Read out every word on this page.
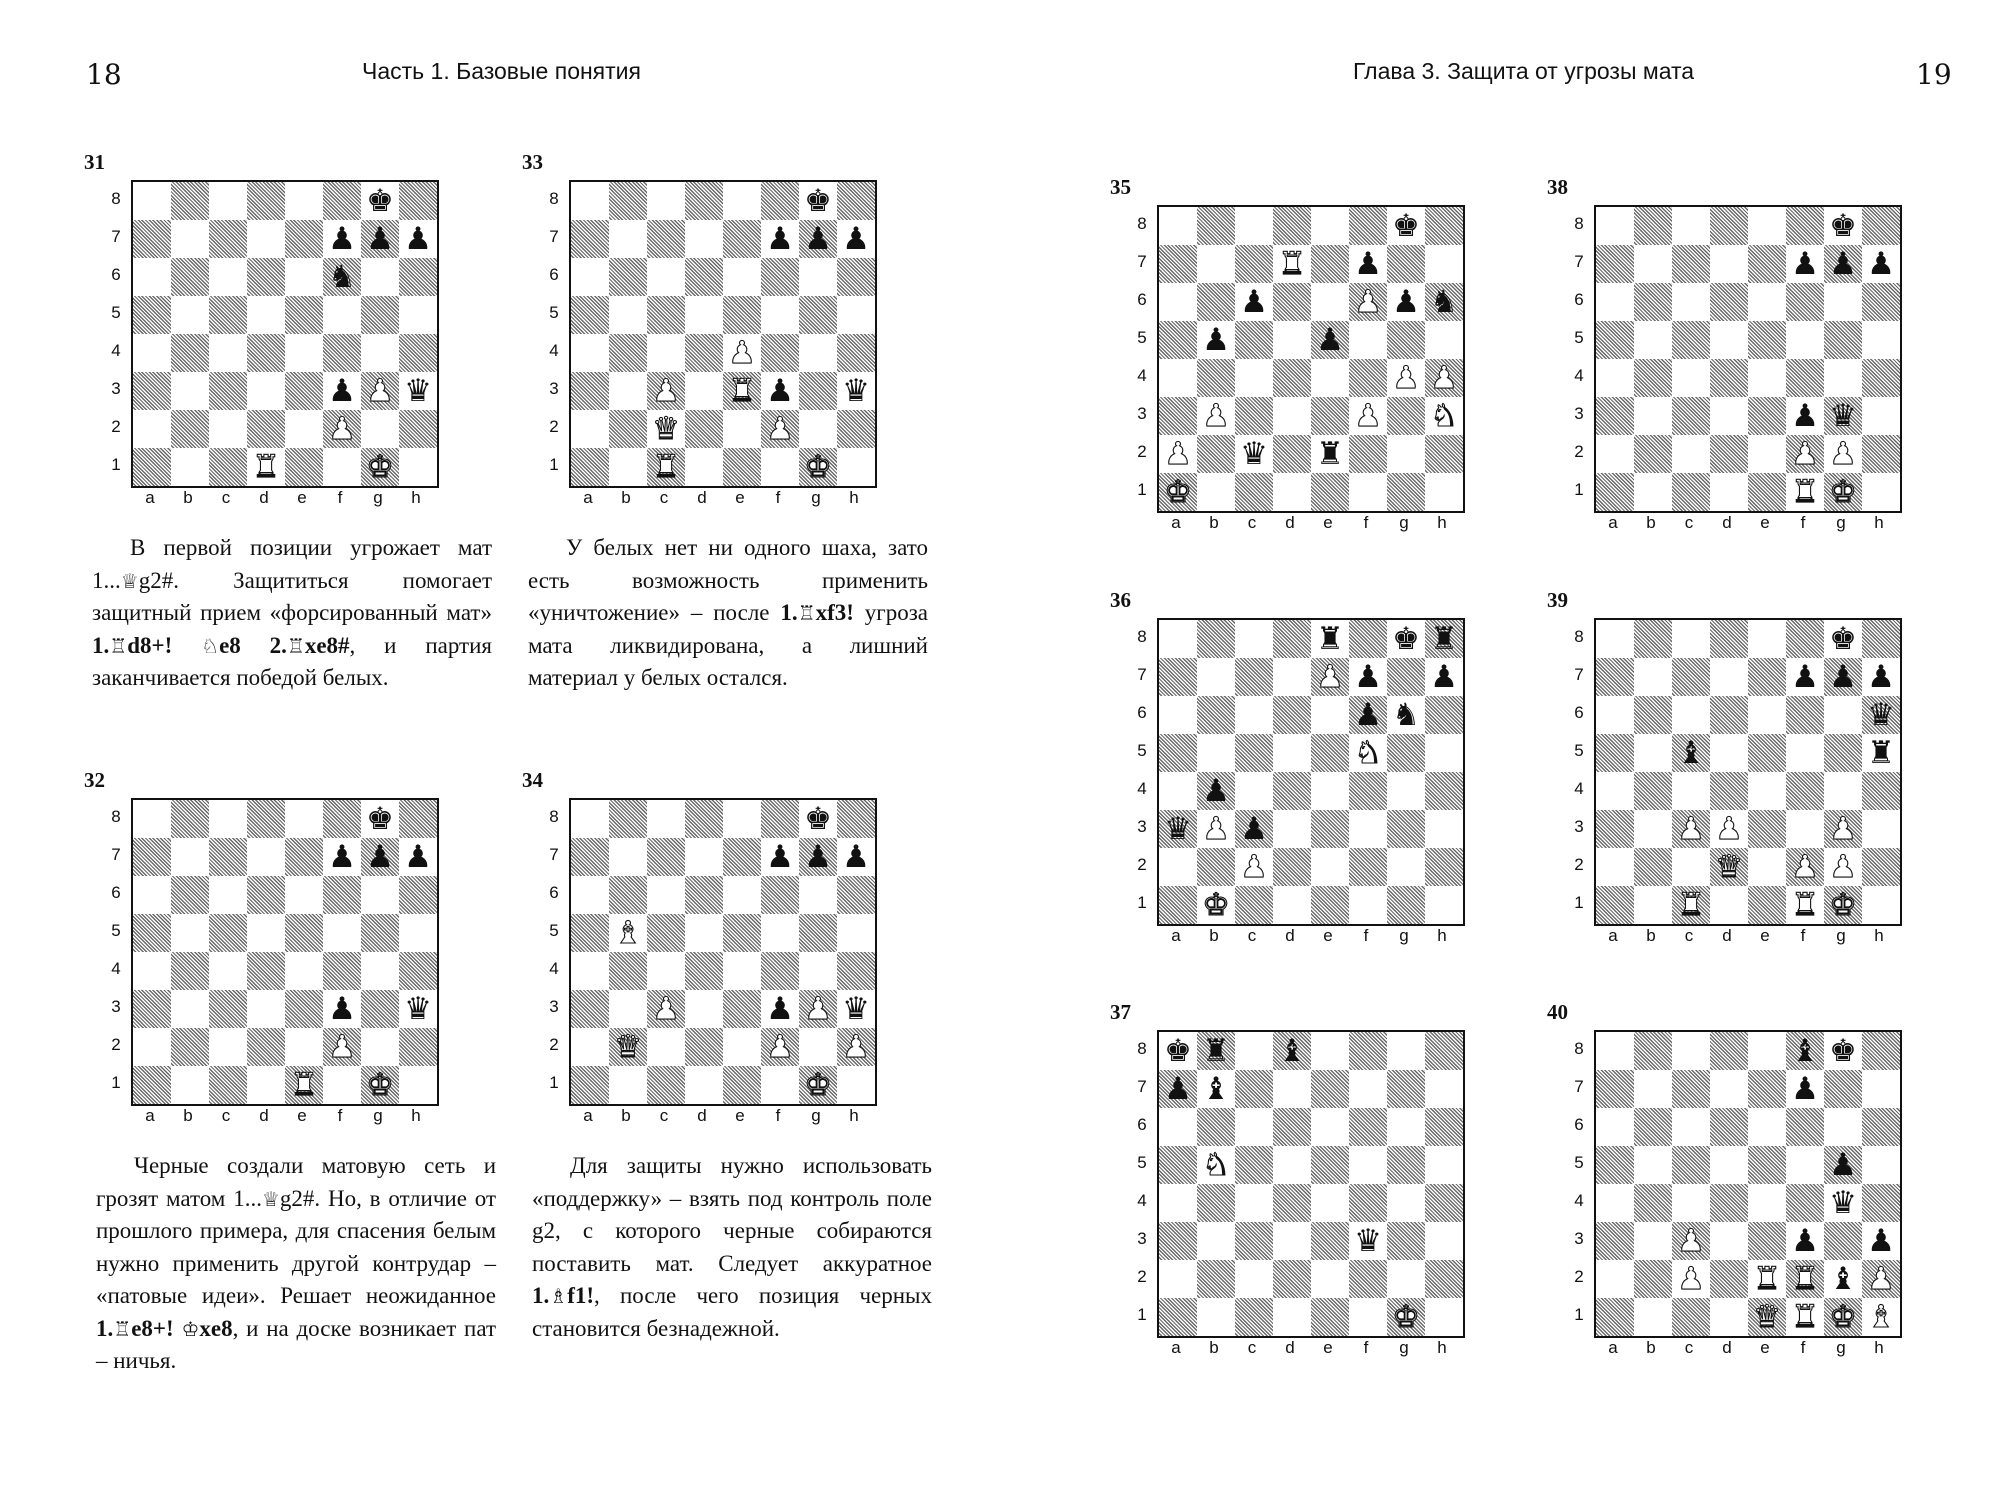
18	Часть 1. Базовые понятия	Глава 3. Защита от угрозы мата	19
31
8
7
6
5
4
3
2
1
♚
♟ ♟ ♟
♞
♟ ♟ ♛
♟
♜	♚
a	b	c	d	e	f	g	h
33
8
7
6
5
4
3
2
1
♚
♟ ♟ ♟
♟
♟ ♜ ♟ ♛
♛	♟
♜	♚
a	b	c	d	e	f	g	h
32
8
7
6
5
4
3
2
1
♚
♟ ♟ ♟
♟ ♛
♟
♜ ♚
a	b	c	d	e	f	g	h
34
8
7
6
5
4
3
2
1
♚
♟ ♟ ♟
♝
♟	♟ ♟ ♛
♛	♟ ♟
♚
a	b	c	d	e	f	g	h
35
8
7
6
5
4
3
2
1
♚
♜ ♟
♟	♟ ♟ ♞
♟	♟
♟ ♟
♟	♟ ♞
♟ ♛ ♜
♚
a	b	c	d	e	f	g	h
38
8
7
6
5
4
3
2
1
♚
♟ ♟ ♟
♟ ♛
♟ ♟
♜ ♚
a	b	c	d	e	f	g	h
36
8
7
6
5
4
3
2
1
♜ ♚ ♜
♟ ♟ ♟
♟ ♞
♞
♟
♛ ♟ ♟
♟
♚
a	b	c	d	e	f	g	h
39
8
7
6
5
4
3
2
1
♚
♟ ♟ ♟
♛
♝	♜
♟ ♟	♟
♛ ♟ ♟
♜	♜ ♚
a	b	c	d	e	f	g	h
37
8
7
6
5
4
3
2
1
♚ ♜ ♝
♟ ♝
♞
♛
♚
a	b	c	d	e	f	g	h
40
8
7
6
5
4
3
2
1
♝ ♚
♟
♟
♛
♟	♟ ♟
♟ ♜ ♜ ♝ ♟
♛ ♜ ♚ ♝
a	b	c	d	e	f	g	h

В первой позиции угрожает мат 1...♕g2#. Защититься помогает защитный прием «форсированный мат» 1.♖d8+! ♘e8 2.♖xe8#, и партия заканчивается победой белых.

У белых нет ни одного шаха, зато есть возможность применить «уничтожение» – после 1.♖xf3! угроза мата ликвидирована, а лишний материал у белых остался.

Черные создали матовую сеть и грозят матом 1...♕g2#. Но, в отличие от прошлого примера, для спасения белым нужно применить другой контрудар – «патовые идеи». Решает неожиданное 1.♖e8+! ♔xe8, и на доске возникает пат – ничья.

Для защиты нужно использовать «поддержку» – взять под контроль поле g2, с которого черные собираются поставить мат. Следует аккуратное 1.♗f1!, после чего позиция черных становится безнадежной.
